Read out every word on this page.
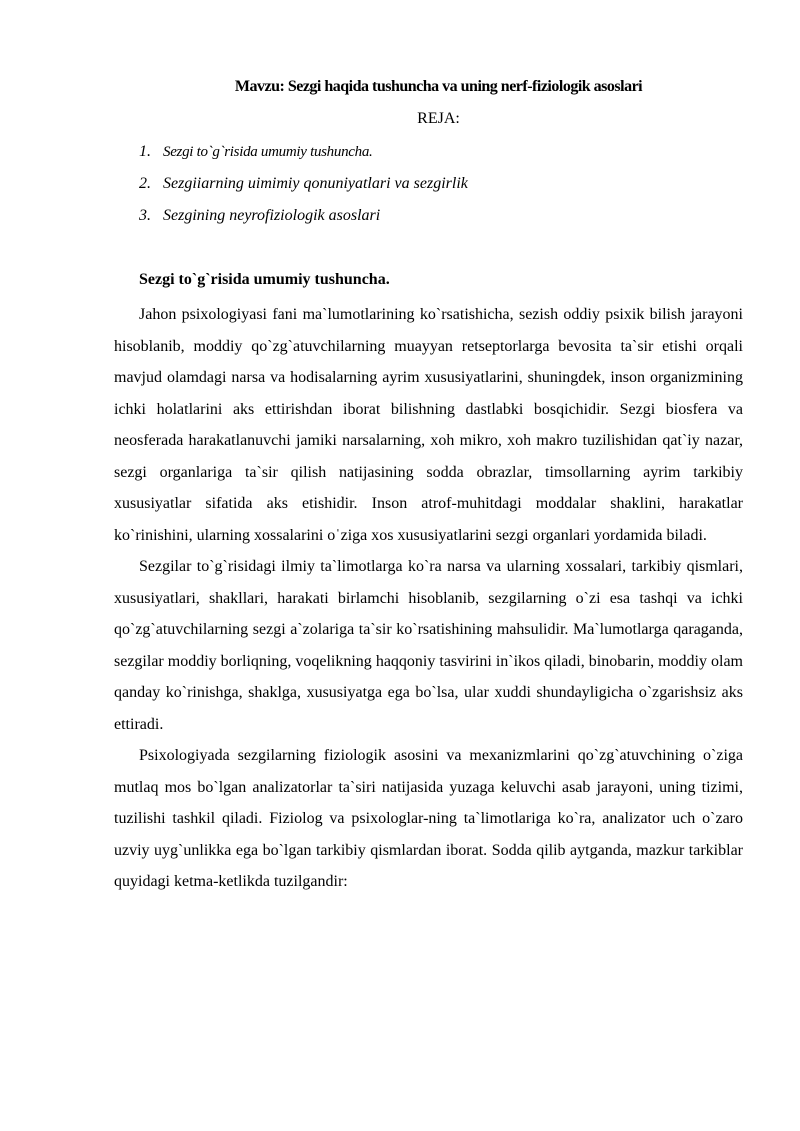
Mavzu: Sezgi haqida tushuncha va uning nerf-fiziologik asoslari
REJA:
1. Sezgi to`g`risida umumiy tushuncha.
2. Sezgiiarning uimimiy qonuniyatlari va sezgirlik
3. Sezgining neyrofiziologik asoslari
Sezgi to`g`risida umumiy tushuncha.

Jahon psixologiyasi fani ma`lumotlarining ko`rsatishicha, sezish oddiy psixik bilish jarayoni hisoblanib, moddiy qo`zg`atuvchilarning muayyan retseptorlarga bevosita ta`sir etishi orqali mavjud olamdagi narsa va hodisalarning ayrim xususiyatlarini, shuningdek, inson organizmining ichki holatlarini aks ettirishdan iborat bilishning dastlabki bosqichidir. Sezgi biosfera va neosferada harakatlanuvchi jamiki narsalarning, xoh mikro, xoh makro tuzilishidan qat`iy nazar, sezgi organlariga ta`sir qilish natijasining sodda obrazlar, timsollarning ayrim tarkibiy xususiyatlar sifatida aks etishidir. Inson atrof-muhitdagi moddalar shaklini, harakatlar ko`rinishini, ularning xossalarini oˈziga xos xususiyatlarini sezgi organlari yordamida biladi.

Sezgilar to`g`risidagi ilmiy ta`limotlarga ko`ra narsa va ularning xossalari, tarkibiy qismlari, xususiyatlari, shakllari, harakati birlamchi hisoblanib, sezgilarning o`zi esa tashqi va ichki qo`zg`atuvchilarning sezgi a`zolariga ta`sir ko`rsatishining mahsulidir. Ma`lumotlarga qaraganda, sezgilar moddiy borliqning, voqelikning haqqoniy tasvirini in`ikos qiladi, binobarin, moddiy olam qanday ko`rinishga, shaklga, xususiyatga ega bo`lsa, ular xuddi shundayligicha o`zgarishsiz aks ettiradi.

Psixologiyada sezgilarning fiziologik asosini va mexanizmlarini qo`zg`atuvchining o`ziga mutlaq mos bo`lgan analizatorlar ta`siri natijasida yuzaga keluvchi asab jarayoni, uning tizimi, tuzilishi tashkil qiladi. Fiziolog va psixologlar-ning ta`limotlariga ko`ra, analizator uch o`zaro uzviy uyg`unlikka ega bo`lgan tarkibiy qismlardan iborat. Sodda qilib aytganda, mazkur tarkiblar quyidagi ketma-ketlikda tuzilgandir:
